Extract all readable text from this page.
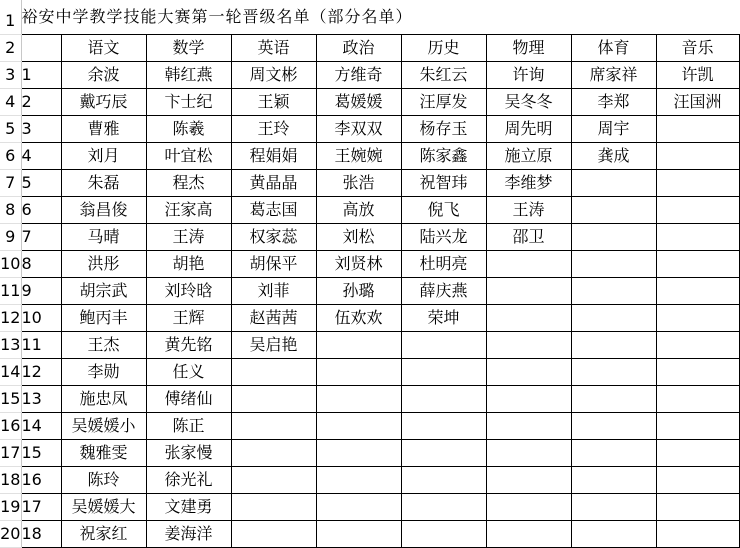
1	裕安中学教学技能大赛第一轮晋级名单（部分名单）								
2		语文	数学	英语	政治	历史	物理	体育	音乐
3	1	余波	韩红燕	周文彬	方维奇	朱红云	许询	席家祥	许凯
4	2	戴巧辰	卞士纪	王颖	葛媛媛	汪厚发	吴冬冬	李郑	汪国洲
5	3	曹雅	陈羲	王玲	李双双	杨存玉	周先明	周宇	
6	4	刘月	叶宜松	程娟娟	王婉婉	陈家鑫	施立原	龚成	
7	5	朱磊	程杰	黄晶晶	张浩	祝智玮	李维梦		
8	6	翁昌俊	汪家高	葛志国	高放	倪飞	王涛		
9	7	马晴	王涛	权家蕊	刘松	陆兴龙	邵卫		
10	8	洪彤	胡艳	胡保平	刘贤林	杜明亮			
11	9	胡宗武	刘玲晗	刘菲	孙璐	薛庆燕			
12	10	鲍丙丰	王辉	赵茜茜	伍欢欢	荣坤			
13	11	王杰	黄先铭	吴启艳					
14	12	李勋	任义						
15	13	施忠凤	傅绪仙						
16	14	吴媛媛小	陈正						
17	15	魏雅雯	张家慢						
18	16	陈玲	徐光礼						
19	17	吴媛媛大	文建勇						
20	18	祝家红	姜海洋						
